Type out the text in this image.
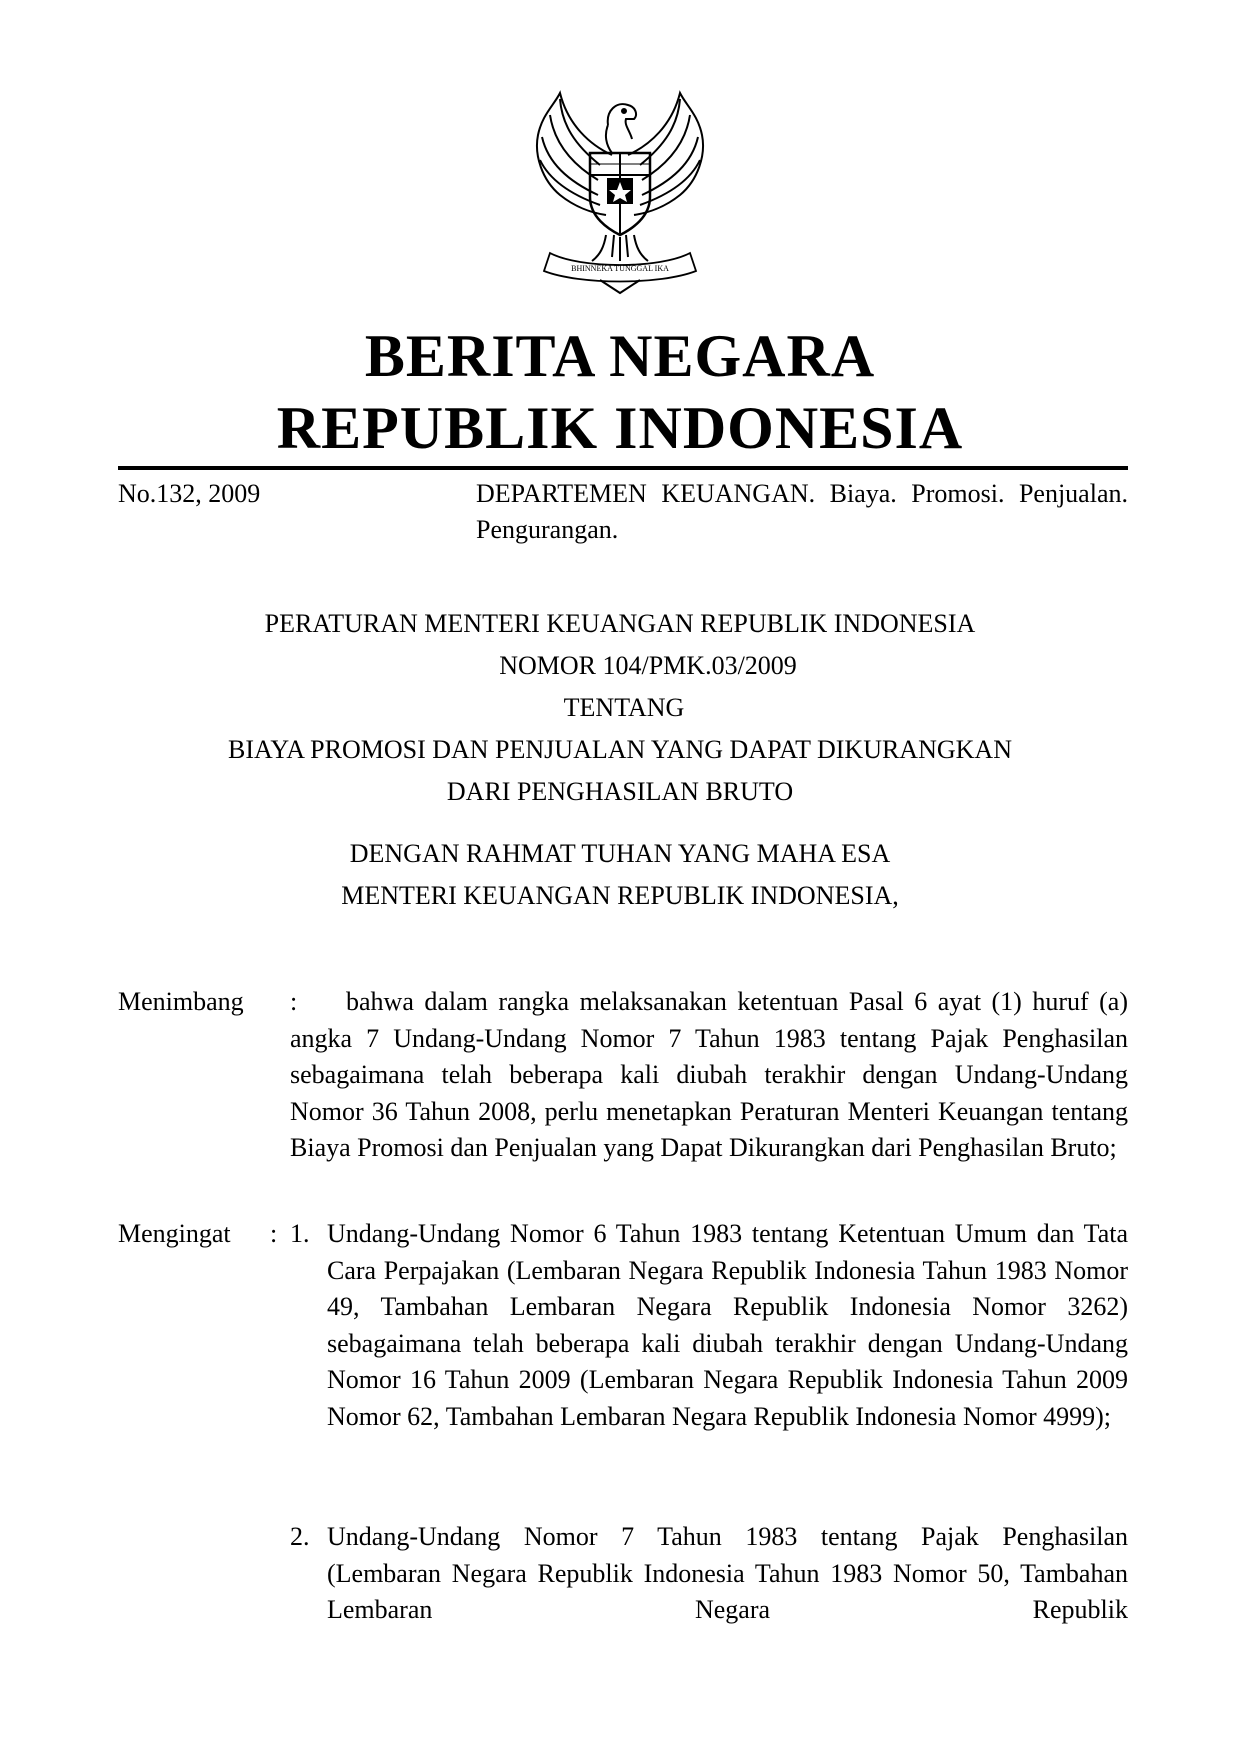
BHINNEKA TUNGGAL IKA
BERITA NEGARA
REPUBLIK INDONESIA
No.132, 2009	DEPARTEMEN KEUANGAN. Biaya. Promosi. Penjualan. Pengurangan.
PERATURAN MENTERI KEUANGAN REPUBLIK INDONESIA
NOMOR 104/PMK.03/2009
TENTANG
BIAYA PROMOSI DAN PENJUALAN YANG DAPAT DIKURANGKAN
DARI PENGHASILAN BRUTO
DENGAN RAHMAT TUHAN YANG MAHA ESA
MENTERI KEUANGAN REPUBLIK INDONESIA,
Menimbang :	bahwa dalam rangka melaksanakan ketentuan Pasal 6 ayat (1) huruf (a) angka 7 Undang-Undang Nomor 7 Tahun 1983 tentang Pajak Penghasilan sebagaimana telah beberapa kali diubah terakhir dengan Undang-Undang Nomor 36 Tahun 2008, perlu menetapkan Peraturan Menteri Keuangan tentang Biaya Promosi dan Penjualan yang Dapat Dikurangkan dari Penghasilan Bruto;
Mengingat : 1. Undang-Undang Nomor 6 Tahun 1983 tentang Ketentuan Umum dan Tata Cara Perpajakan (Lembaran Negara Republik Indonesia Tahun 1983 Nomor 49, Tambahan Lembaran Negara Republik Indonesia Nomor 3262) sebagaimana telah beberapa kali diubah terakhir dengan Undang-Undang Nomor 16 Tahun 2009 (Lembaran Negara Republik Indonesia Tahun 2009 Nomor 62, Tambahan Lembaran Negara Republik Indonesia Nomor 4999);
2. Undang-Undang Nomor 7 Tahun 1983 tentang Pajak Penghasilan (Lembaran Negara Republik Indonesia Tahun 1983 Nomor 50, Tambahan Lembaran Negara Republik
